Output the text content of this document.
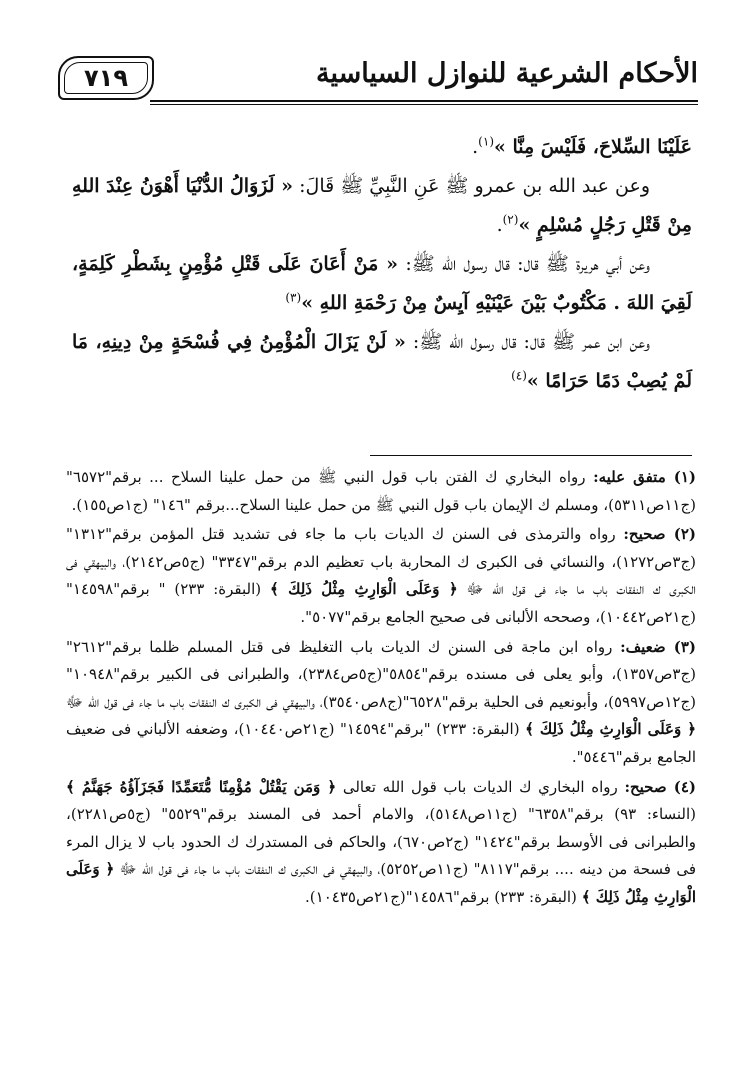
٧١٩	الأحكام الشرعية للنوازل السياسية

عَلَيْنَا السِّلاحَ، فَلَيْسَ مِنَّا »$^{(١)}$.

وعن عبد الله بن عمرو ﷺ عَنِ النَّبِيِّ ﷺ قَالَ: « لَزَوَالُ الدُّنْيَا أَهْوَنُ عِنْدَ اللهِ مِنْ قَتْلِ رَجُلٍ مُسْلِمٍ »$^{(٢)}$.

وعن أبي هريرة ﷺ قال: قال رسول الله ﷺ: « مَنْ أَعَانَ عَلَى قَتْلِ مُؤْمِنٍ بِشَطْرِ كَلِمَةٍ، لَقِيَ اللهَ . مَكْتُوبٌ بَيْنَ عَيْنَيْهِ آيِسٌ مِنْ رَحْمَةِ اللهِ »$^{(٣)}$

وعن ابن عمر ﷺ قال: قال رسول الله ﷺ: « لَنْ يَزَالَ الْمُؤْمِنُ فِي فُسْحَةٍ مِنْ دِينِهِ، مَا لَمْ يُصِبْ دَمًا حَرَامًا »$^{(٤)}$

(١) متفق عليه: رواه البخاري ك الفتن باب قول النبي ﷺ من حمل علينا السلاح ... برقم"٦٥٧٢" (ج١١ص٥٣١١)، ومسلم ك الإيمان باب قول النبي ﷺ من حمل علينا السلاح...برقم "١٤٦" (ج١ص١٥٥).

(٢) صحيح: رواه والترمذى فى السنن ك الديات باب ما جاء فى تشديد قتل المؤمن برقم"١٣١٢" (ج٣ص١٢٧٢)، والنسائي فى الكبرى ك المحاربة باب تعظيم الدم برقم"٣٣٤٧" (ج٥ص٢١٤٢)، والبيهقي فى الكبرى ك النفقات باب ما جاء فى قول الله ﷻ ﴿ وَعَلَى الْوَارِثِ مِثْلُ ذَلِكَ ﴾ (البقرة: ٢٣٣) " برقم"١٤٥٩٨"(ج٢١ص١٠٤٤٢)، وصححه الألبانى فى صحيح الجامع برقم"٥٠٧٧".

(٣) ضعيف: رواه ابن ماجة فى السنن ك الديات باب التغليظ فى قتل المسلم ظلما برقم"٢٦١٢" (ج٣ص١٣٥٧)، وأبو يعلى فى مسنده برقم"٥٨٥٤"(ج٥ص٢٣٨٤)، والطبرانى فى الكبير برقم"١٠٩٤٨" (ج١٢ص٥٩٩٧)، وأبونعيم فى الحلية برقم"٦٥٢٨"(ج٨ص٣٥٤٠)، والبيهقي فى الكبرى ك النفقات باب ما جاء فى قول الله ﷻ ﴿ وَعَلَى الْوَارِثِ مِثْلُ ذَلِكَ ﴾ (البقرة: ٢٣٣) "برقم"١٤٥٩٤" (ج٢١ص١٠٤٤٠)، وضعفه الألباني فى ضعيف الجامع برقم"٥٤٤٦".

(٤) صحيح: رواه البخاري ك الديات باب قول الله تعالى ﴿ وَمَن يَقْتُلْ مُؤْمِنًا مُّتَعَمِّدًا فَجَزَآؤُهُ جَهَنَّمُ ﴾ (النساء: ٩٣) برقم"٦٣٥٨" (ج١١ص٥١٤٨)، والامام أحمد فى المسند برقم"٥٥٢٩" (ج٥ص٢٢٨١)، والطبرانى فى الأوسط برقم"١٤٢٤" (ج٢ص٦٧٠)، والحاكم فى المستدرك ك الحدود باب لا يزال المرء فى فسحة من دينه .... برقم"٨١١٧" (ج١١ص٥٢٥٢)، والبيهقي فى الكبرى ك النفقات باب ما جاء فى قول الله ﷻ ﴿ وَعَلَى الْوَارِثِ مِثْلُ ذَلِكَ ﴾ (البقرة: ٢٣٣) برقم"١٤٥٨٦"(ج٢١ص١٠٤٣٥).
